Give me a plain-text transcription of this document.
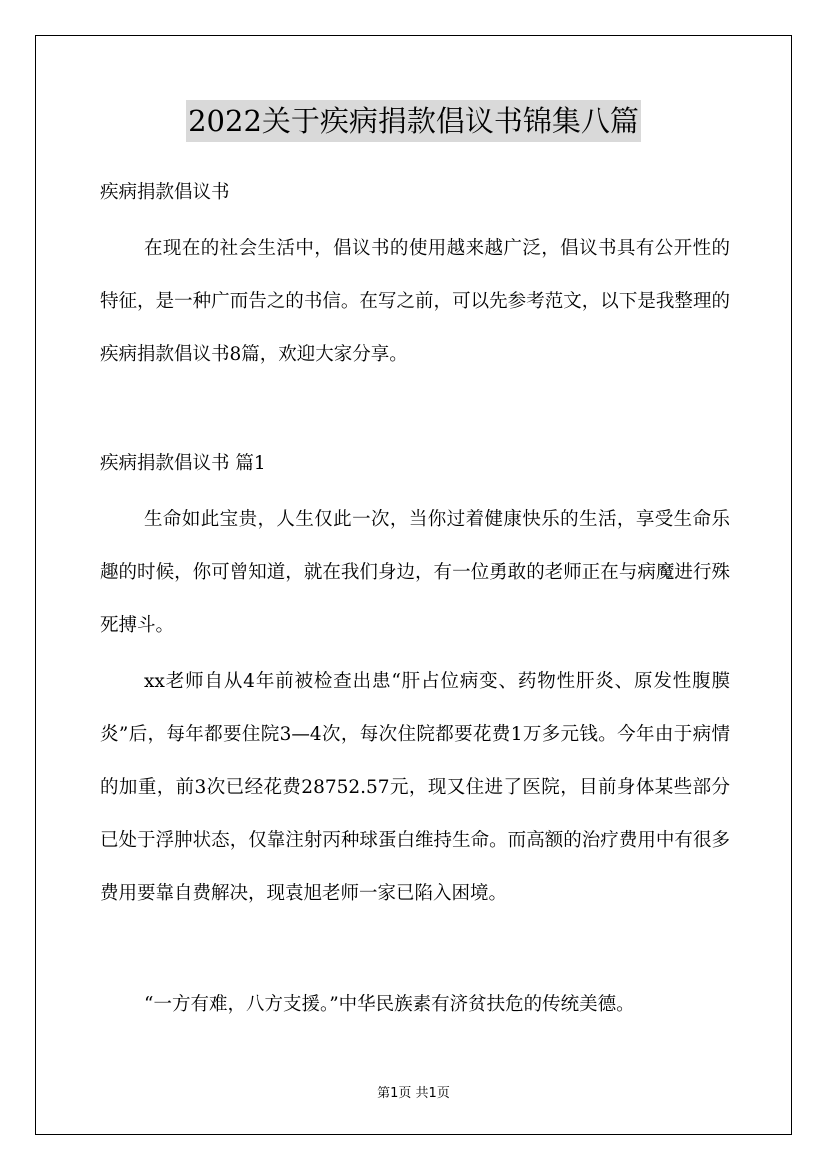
2022关于疾病捐款倡议书锦集八篇

疾病捐款倡议书

在现在的社会生活中，倡议书的使用越来越广泛，倡议书具有公开性的特征，是一种广而告之的书信。在写之前，可以先参考范文，以下是我整理的疾病捐款倡议书8篇，欢迎大家分享。

疾病捐款倡议书 篇1

生命如此宝贵，人生仅此一次，当你过着健康快乐的生活，享受生命乐趣的时候，你可曾知道，就在我们身边，有一位勇敢的老师正在与病魔进行殊死搏斗。

xx老师自从4年前被检查出患“肝占位病变、药物性肝炎、原发性腹膜炎”后，每年都要住院3—4次，每次住院都要花费1万多元钱。今年由于病情的加重，前3次已经花费28752.57元，现又住进了医院，目前身体某些部分已处于浮肿状态，仅靠注射丙种球蛋白维持生命。而高额的治疗费用中有很多费用要靠自费解决，现袁旭老师一家已陷入困境。

“一方有难，八方支援。”中华民族素有济贫扶危的传统美德。

第1页 共1页
